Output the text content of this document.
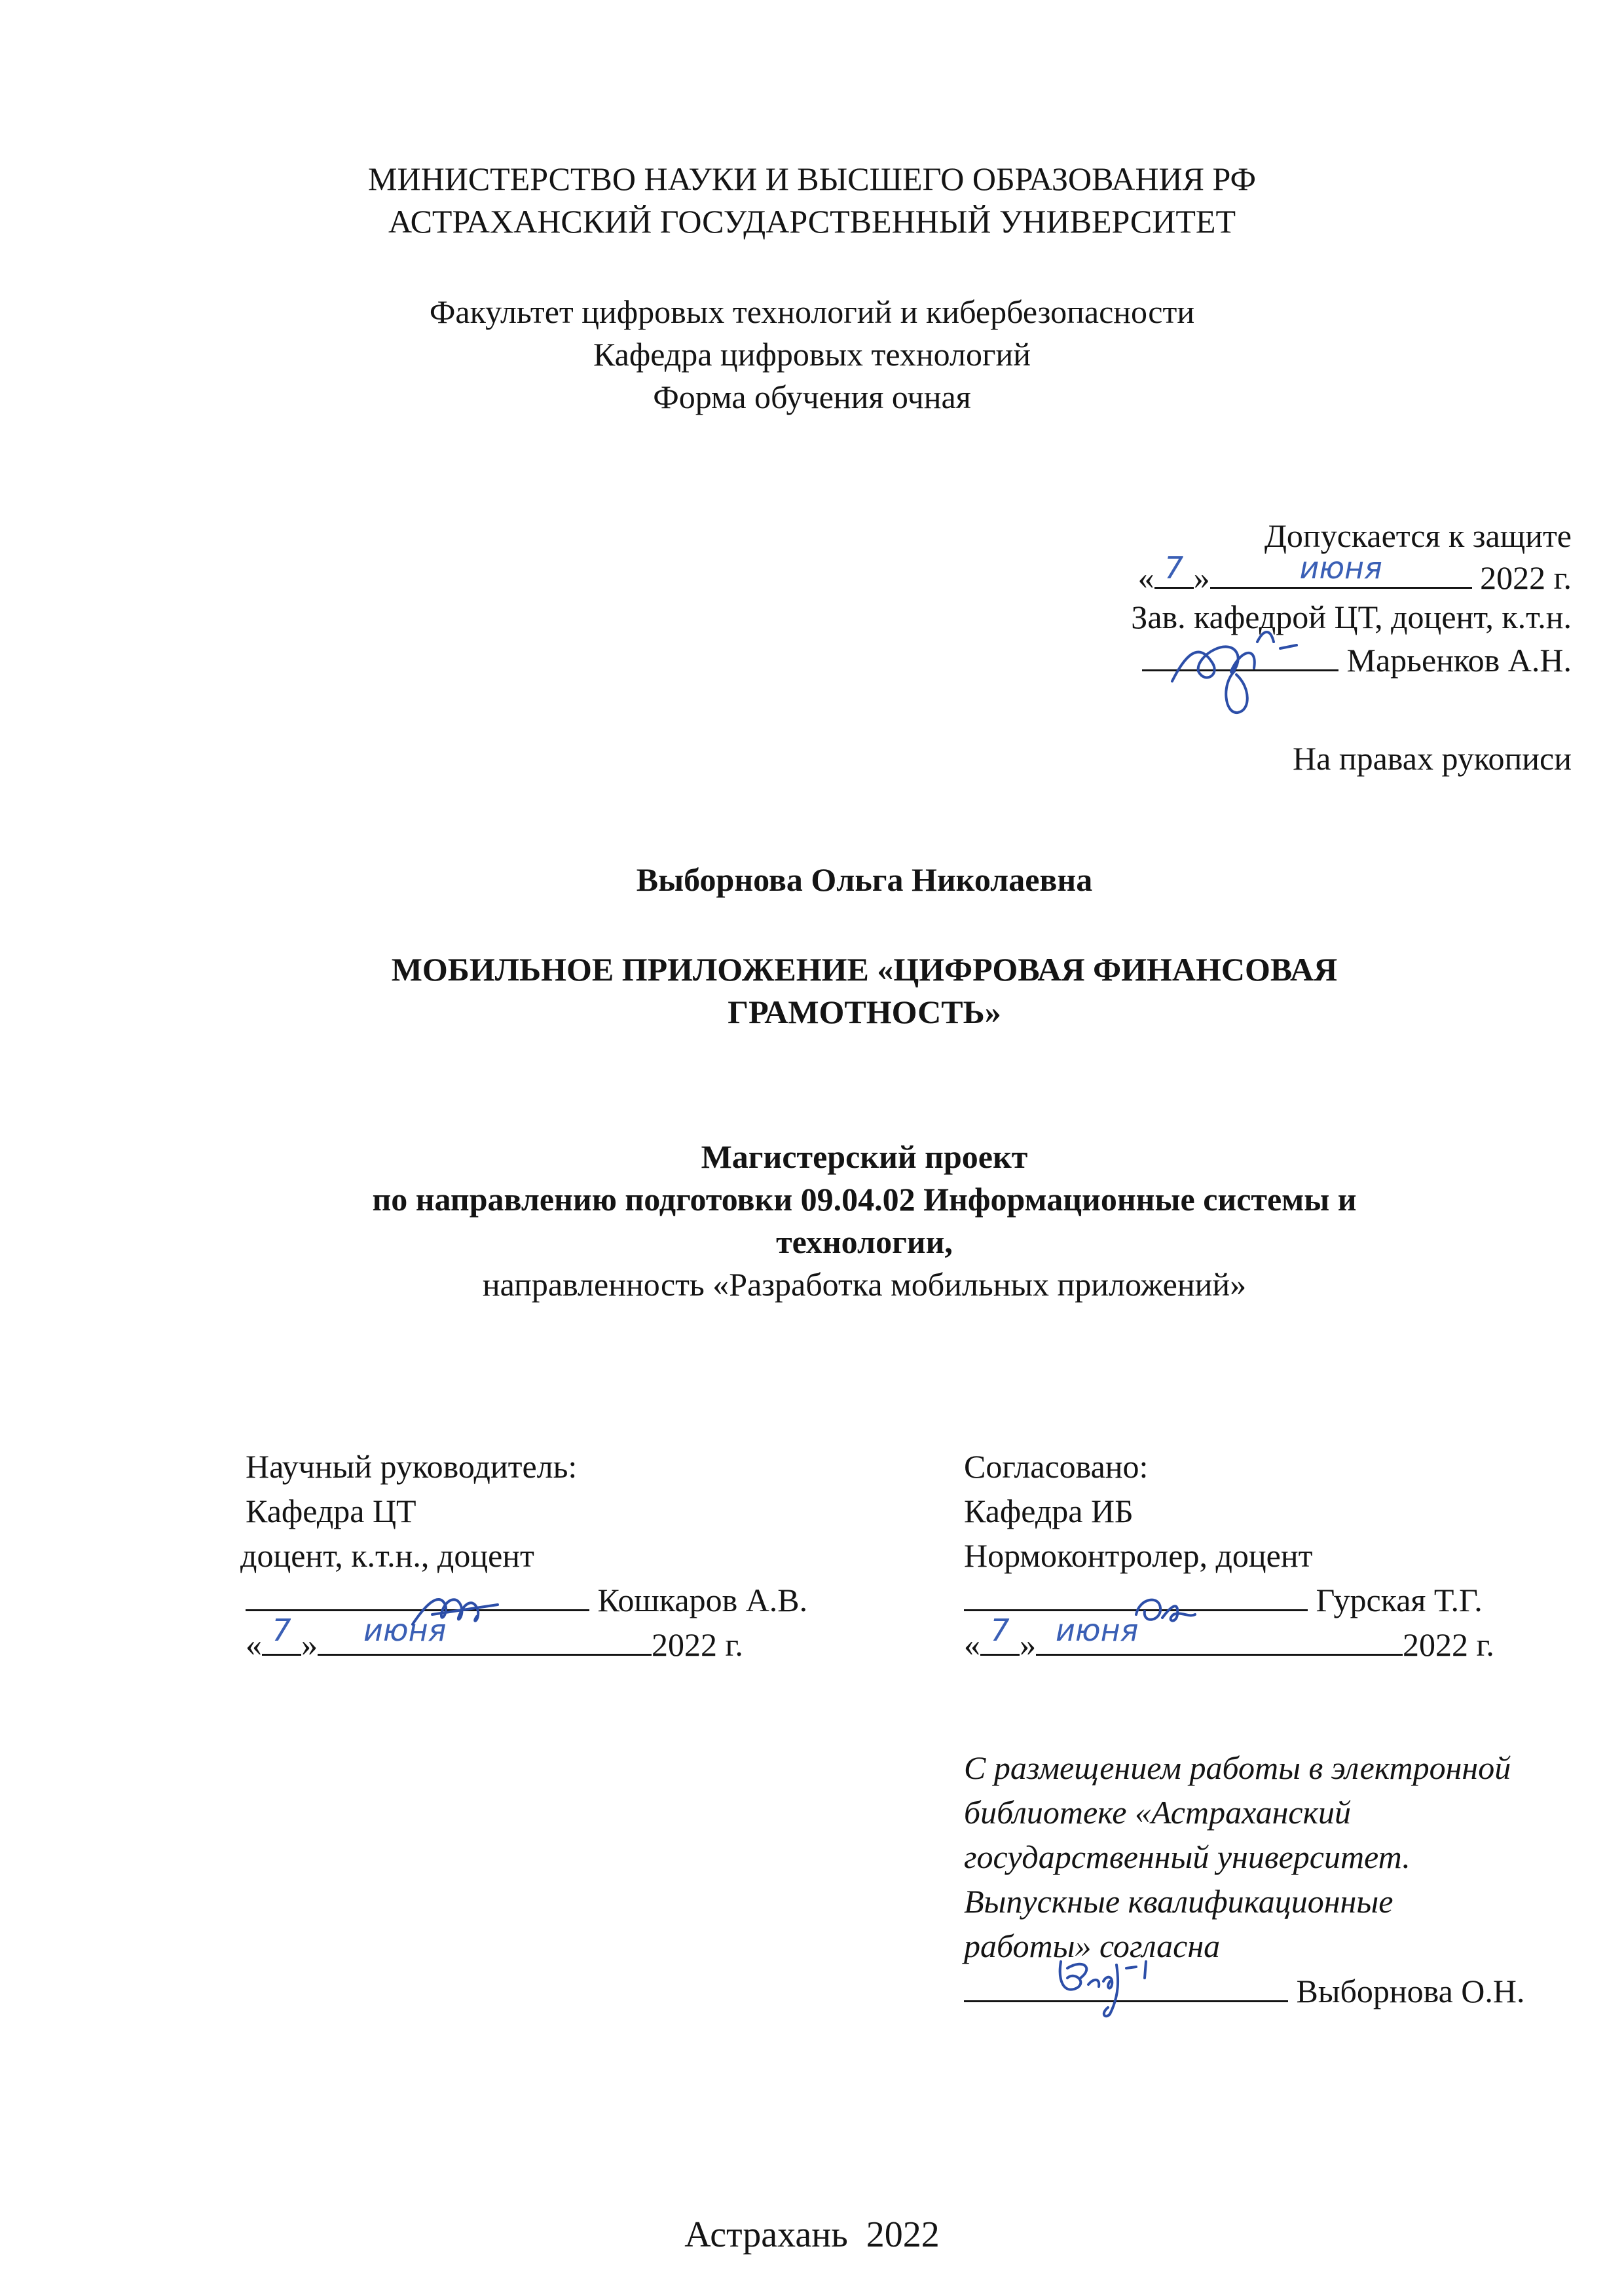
МИНИСТЕРСТВО НАУКИ И ВЫСШЕГО ОБРАЗОВАНИЯ РФ
АСТРАХАНСКИЙ ГОСУДАРСТВЕННЫЙ УНИВЕРСИТЕТ
Факультет цифровых технологий и кибербезопасности
Кафедра цифровых технологий
Форма обучения очная
Допускается к защите
« 7 »	июня	2022 г.
Зав. кафедрой ЦТ, доцент, к.т.н.
Марьенков А.Н.
На правах рукописи
Выборнова Ольга Николаевна
МОБИЛЬНОЕ ПРИЛОЖЕНИЕ «ЦИФРОВАЯ ФИНАНСОВАЯ
ГРАМОТНОСТЬ»
Магистерский проект
по направлению подготовки 09.04.02 Информационные системы и
технологии,
направленность «Разработка мобильных приложений»
Научный руководитель:
Кафедра ЦТ
доцент, к.т.н., доцент
Кошкаров А.В.
« 7 »	июня	2022 г.
Согласовано:
Кафедра ИБ
Нормоконтролер, доцент
Гурская Т.Г.
« 7 » июня	2022 г.
С размещением работы в электронной
библиотеке «Астраханский
государственный университет.
Выпускные квалификационные
работы» согласна
Выборнова О.Н.
Астрахань  2022
